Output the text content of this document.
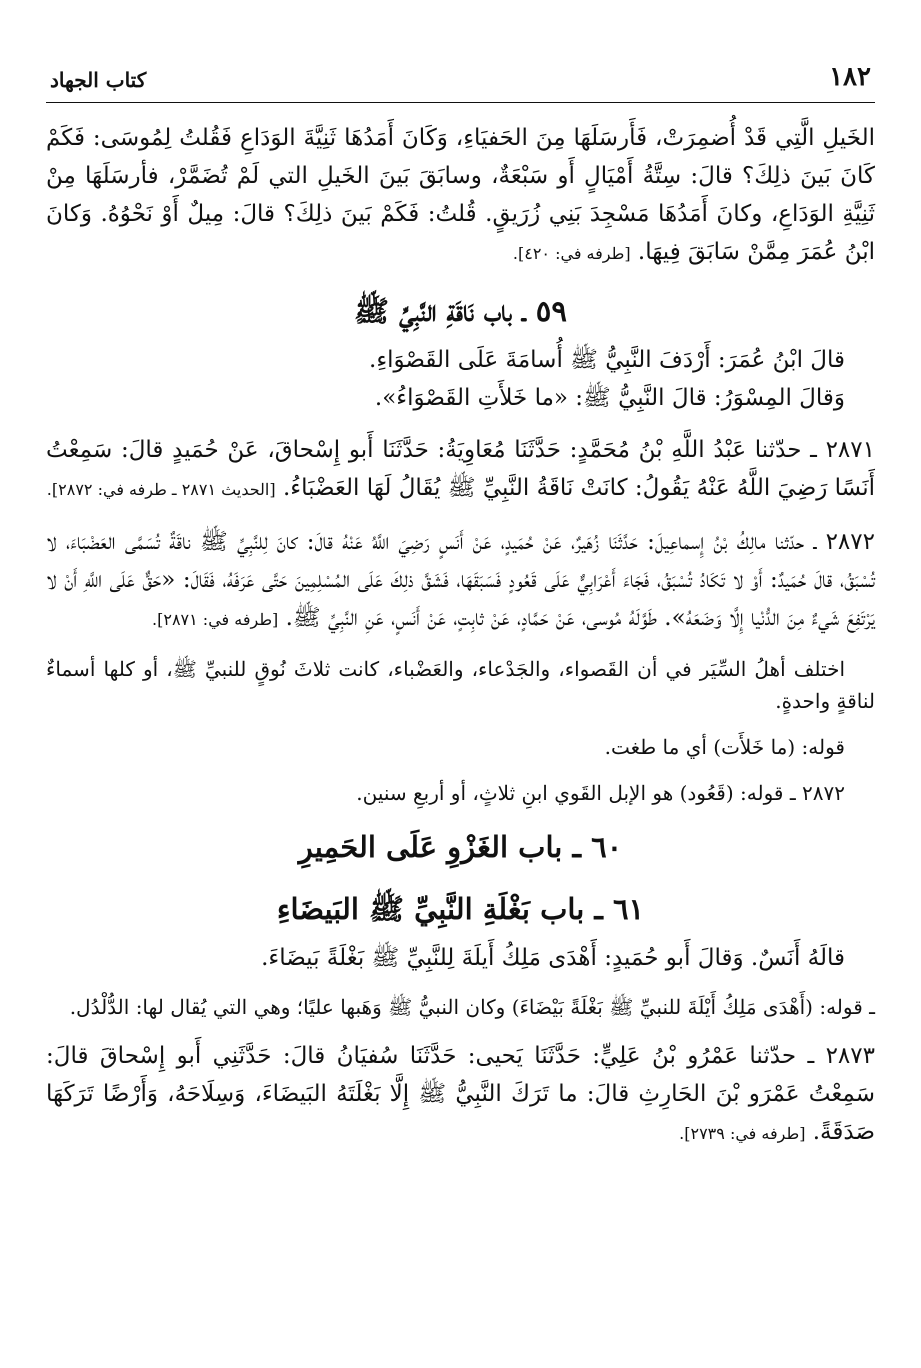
١٨٢
كتاب الجهاد

الخَيلِ الَّتِي قَدْ أُضمِرَتْ، فَأَرسَلَهَا مِنَ الحَفيَاءِ، وَكَانَ أَمَدُهَا ثَنِيَّةَ الوَدَاعِ فَقُلتُ لِمُوسَى: فَكَمْ كَانَ بَينَ ذلِكَ؟ قالَ: سِتَّةُ أَمْيَالٍ أَو سَبْعَةٌ، وسابَقَ بَينَ الخَيلِ التي لَمْ تُضَمَّرْ، فأرسَلَهَا مِنْ ثَنِيَّةِ الوَدَاعِ، وكانَ أَمَدُهَا مَسْجِدَ بَنِي زُرَيقٍ. قُلتُ: فَكَمْ بَينَ ذلِكَ؟ قالَ: مِيلٌ أَوْ نَحْوُهُ. وَكانَ ابْنُ عُمَرَ مِمَّنْ سَابَقَ فِيهَا. [طرفه في: ٤٢٠].

٥٩ ـ باب نَاقَةِ النَّبِيِّ ﷺ

قالَ ابْنُ عُمَرَ: أَرْدَفَ النَّبِيُّ ﷺ أُسامَةَ عَلَى القَصْوَاءِ.

وَقالَ المِسْوَرُ: قالَ النَّبِيُّ ﷺ: «ما خَلأَتِ القَصْوَاءُ».

٢٨٧١ ـ حدّثنا عَبْدُ اللَّهِ بْنُ مُحَمَّدٍ: حَدَّثَنَا مُعَاوِيَةُ: حَدَّثَنَا أَبو إِسْحاقَ، عَنْ حُمَيدٍ قالَ: سَمِعْتُ أَنَسًا رَضِيَ اللَّهُ عَنْهُ يَقُولُ: كانَتْ نَاقَةُ النَّبِيِّ ﷺ يُقَالُ لَهَا العَضْبَاءُ. [الحديث ٢٨٧١ ـ طرفه في: ٢٨٧٢].

٢٨٧٢ ـ حدّثنا مالِكُ بْنُ إِسماعِيلَ: حَدَّثَنَا زُهَيرٌ، عَنْ حُمَيدٍ، عَنْ أَنَسٍ رَضِيَ اللَّهُ عَنْهُ قالَ: كانَ لِلنَّبِيِّ ﷺ ناقَةٌ تُسَمَّى العَضْبَاءَ، لا تُسْبَقُ، قالَ حُمَيدٌ: أَوْ لا تَكَادُ تُسْبَقُ، فَجَاءَ أَعْرَابِيٌّ عَلَى قَعُودٍ فَسَبَقَهَا، فَشَقَّ ذلِكَ عَلَى المُسْلِمِينَ حَتَّى عَرَفَهُ، فَقَالَ: «حَقٌّ عَلَى اللَّهِ أَنْ لا يَرْتَفِعَ شَيءٌ مِنَ الدُّنْيا إِلَّا وَضَعَهُ». طَوَّلَهُ مُوسى، عَنْ حَمَّادٍ، عَنْ ثابِتٍ، عَنْ أَنَسٍ، عَنِ النَّبِيِّ ﷺ. [طرفه في: ٢٨٧١].

اختلف أهلُ السِّيَر في أن القَصواء، والجَدْعاء، والعَضْباء، كانت ثلاثَ نُوقٍ للنبيِّ ﷺ، أو كلها أسماءٌ لناقةٍ واحدةٍ.

قوله: (ما خَلأَت) أي ما طغت.

٢٨٧٢ ـ قوله: (قَعُود) هو الإبل القَوي ابنِ ثلاثٍ، أو أربعِ سنين.

٦٠ ـ باب الغَزْوِ عَلَى الحَمِيرِ
٦١ ـ باب بَغْلَةِ النَّبِيِّ ﷺ البَيضَاءِ

قالَهُ أَنَسٌ. وَقالَ أَبو حُمَيدٍ: أَهْدَى مَلِكُ أَيلَةَ لِلنَّبِيِّ ﷺ بَغْلَةً بَيضَاءَ.

ـ قوله: (أَهْدَى مَلِكُ أَيْلَةَ للنبيِّ ﷺ بَغْلَةً بَيْضَاءَ) وكان النبيُّ ﷺ وَهَبها عليًا؛ وهي التي يُقال لها: الدُّلْدُل.

٢٨٧٣ ـ حدّثنا عَمْرُو بْنُ عَلِيٍّ: حَدَّثَنَا يَحيى: حَدَّثَنَا سُفيَانُ قالَ: حَدَّثَنِي أَبو إِسْحاقَ قالَ: سَمِعْتُ عَمْرَو بْنَ الحَارِثِ قالَ: ما تَرَكَ النَّبِيُّ ﷺ إِلَّا بَغْلَتَهُ البَيضَاءَ، وَسِلَاحَهُ، وَأَرْضًا تَرَكَهَا صَدَقَةً. [طرفه في: ٢٧٣٩].
